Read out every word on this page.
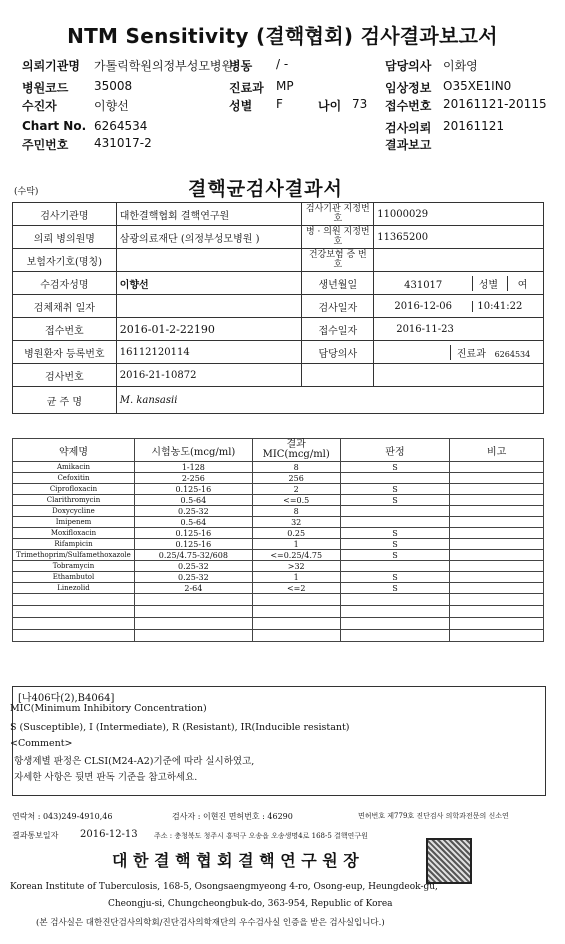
NTM Sensitivity (결핵협회) 검사결과보고서
의뢰기관명 가톨릭학원의정부성모병원
병동 / -	담당의사 이화영
병원코드 35008	진료과 MP	임상정보 O35XE1IN0
수진자	이향선	성별 F	나이 73 접수번호 20161121-20115
Chart No. 6264534	검사의뢰 20161121
주민번호 431017-2	결과보고
(수탁)	결핵균검사결과서
검사기관명	대한결핵협회 결핵연구원	검사기관 지정번호	11000029
의뢰 병의원명	삼광의료재단 (의정부성모병원 )	병 · 의원 지정번호	11365200
보험자기호(명칭)		건강보험 증 번호	
수검자성명	이향선	생년월일	431017 성별 여
검체채취 일자		검사일자	2016-12-06 10:41:22
접수번호	2016-01-2-22190	접수일자	2016-11-23
병원환자 등록번호	16112120114	담당의사	진료과 6264534
검사번호	2016-21-10872		
균 주 명	M. kansasii		
약제명	시험농도(mcg/ml)	결과 MIC(mcg/ml)	판정	비고
Amikacin	1-128	8	S	
Cefoxitin	2-256	256		
Ciprofloxacin	0.125-16	2	S	
Clarithromycin	0.5-64	<=0.5	S	
Doxycycline	0.25-32	8		
Imipenem	0.5-64	32		
Moxifloxacin	0.125-16	0.25	S	
Rifampicin	0.125-16	1	S	
Trimethoprim/Sulfamethoxazole	0.25/4.75-32/608	<=0.25/4.75	S	
Tobramycin	0.25-32	>32		
Ethambutol	0.25-32	1	S	
Linezolid	2-64	<=2	S	

[나406다(2),B4064]
MIC(Minimum Inhibitory Concentration)
S (Susceptible), I (Intermediate), R (Resistant), IR(Inducible resistant)
<Comment>
항생제별 판정은 CLSI(M24-A2)기준에 따라 실시하였고,
자세한 사항은 뒷면 판독 기준을 참고하세요.
연락처 : 043)249-4910,46	검사자 : 이현진 면허번호 : 46290	면허번호 제779호 진단검사 의학과전문의 신소연
결과통보일자 2016-12-13 주소 : 충청북도 청주시 흥덕구 오송읍 오송생명4로 168-5 결핵연구원
대 한 결 핵 협 회 결 핵 연 구 원 장
Korean Institute of Tuberculosis, 168-5, Osongsaengmyeong 4-ro, Osong-eup, Heungdeok-gu,
Cheongju-si, Chungcheongbuk-do, 363-954, Republic of Korea
(본 검사실은 대한진단검사의학회/진단검사의학재단의 우수검사실 인증을 받은 검사실입니다.)
